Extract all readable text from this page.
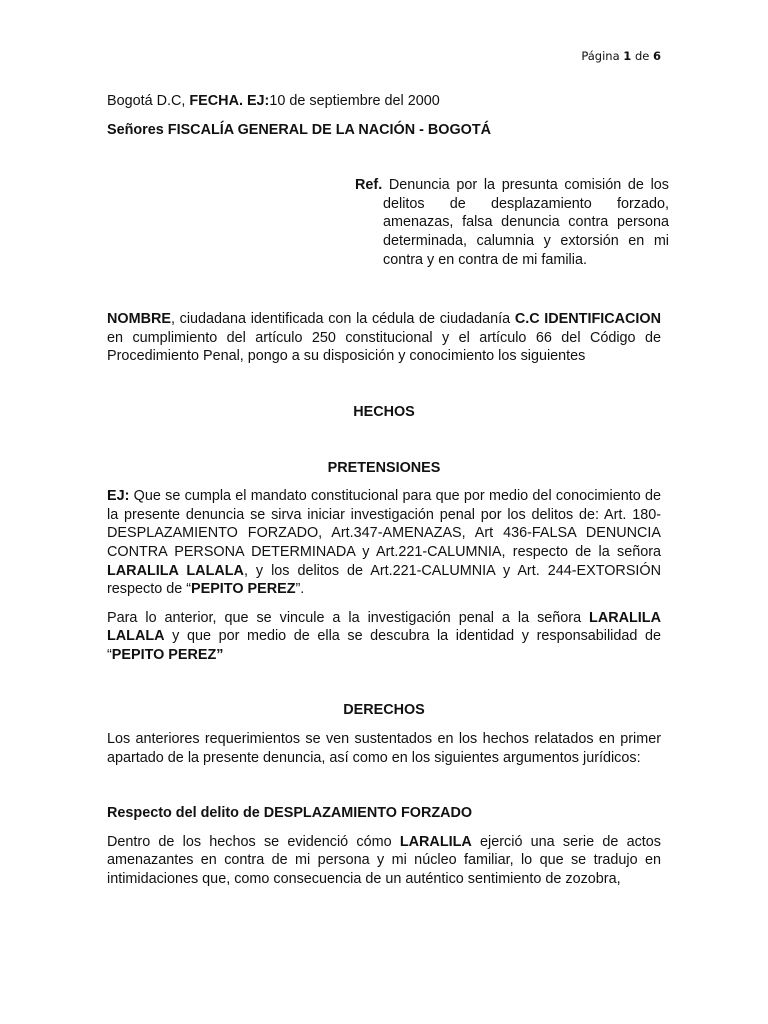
Página 1 de 6

Bogotá D.C, FECHA. EJ:10 de septiembre del 2000

Señores FISCALÍA GENERAL DE LA NACIÓN - BOGOTÁ

Ref. Denuncia por la presunta comisión de los delitos de desplazamiento forzado, amenazas, falsa denuncia contra persona determinada, calumnia y extorsión en mi contra y en contra de mi familia.

NOMBRE, ciudadana identificada con la cédula de ciudadanía C.C IDENTIFICACION en cumplimiento del artículo 250 constitucional y el artículo 66 del Código de Procedimiento Penal, pongo a su disposición y conocimiento los siguientes

HECHOS

PRETENSIONES

EJ: Que se cumpla el mandato constitucional para que por medio del conocimiento de la presente denuncia se sirva iniciar investigación penal por los delitos de: Art. 180-DESPLAZAMIENTO FORZADO, Art.347-AMENAZAS, Art 436-FALSA DENUNCIA CONTRA PERSONA DETERMINADA y Art.221-CALUMNIA, respecto de la señora LARALILA LALALA, y los delitos de Art.221-CALUMNIA y Art. 244-EXTORSIÓN respecto de “PEPITO PEREZ”.

Para lo anterior, que se vincule a la investigación penal a la señora LARALILA LALALA y que por medio de ella se descubra la identidad y responsabilidad de “PEPITO PEREZ”

DERECHOS

Los anteriores requerimientos se ven sustentados en los hechos relatados en primer apartado de la presente denuncia, así como en los siguientes argumentos jurídicos:

Respecto del delito de DESPLAZAMIENTO FORZADO

Dentro de los hechos se evidenció cómo LARALILA ejerció una serie de actos amenazantes en contra de mi persona y mi núcleo familiar, lo que se tradujo en intimidaciones que, como consecuencia de un auténtico sentimiento de zozobra,
